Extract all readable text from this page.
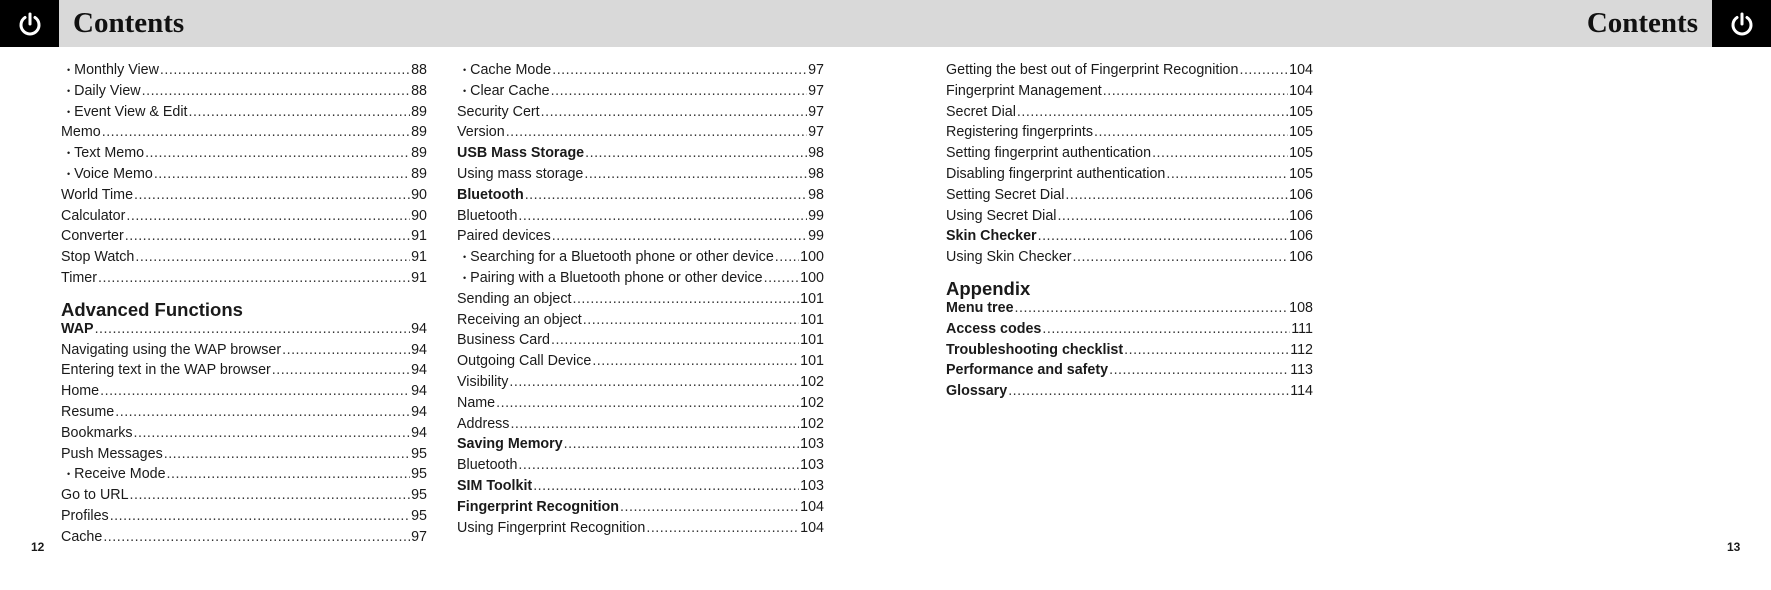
Contents	Contents
• Monthly View .....	88
• Daily View .....	88
• Event View & Edit .....	89
Memo .....	89
• Text Memo .....	89
• Voice Memo .....	89
World Time .....	90
Calculator .....	90
Converter .....	91
Stop Watch .....	91
Timer .....	91
Advanced Functions
WAP .....	94
Navigating using the WAP browser .....	94
Entering text in the WAP browser .....	94
Home .....	94
Resume .....	94
Bookmarks .....	94
Push Messages .....	95
• Receive Mode .....	95
Go to URL .....	95
Profiles .....	95
Cache .....	97
• Cache Mode .....	97
• Clear Cache .....	97
Security Cert .....	97
Version .....	97
USB Mass Storage .....	98
Using mass storage .....	98
Bluetooth .....	98
Bluetooth .....	99
Paired devices .....	99
• Searching for a Bluetooth phone or other device ..... 100
• Pairing with a Bluetooth phone or other device .....	100
Sending an object .....	101
Receiving an object .....	101
Business Card .....	101
Outgoing Call Device .....	101
Visibility .....	102
Name .....	102
Address .....	102
Saving Memory .....	103
Bluetooth .....	103
SIM Toolkit .....	103
Fingerprint Recognition .....	104
Using Fingerprint Recognition .....	104
Getting the best out of Fingerprint Recognition .....	104
Fingerprint Management .....	104
Secret Dial .....	105
Registering fingerprints .....	105
Setting fingerprint authentication .....	105
Disabling fingerprint authentication .....	105
Setting Secret Dial .....	106
Using Secret Dial .....	106
Skin Checker .....	106
Using Skin Checker .....	106
Appendix
Menu tree .....	108
Access codes .....	111
Troubleshooting checklist .....	112
Performance and safety .....	113
Glossary .....	114
12	13
